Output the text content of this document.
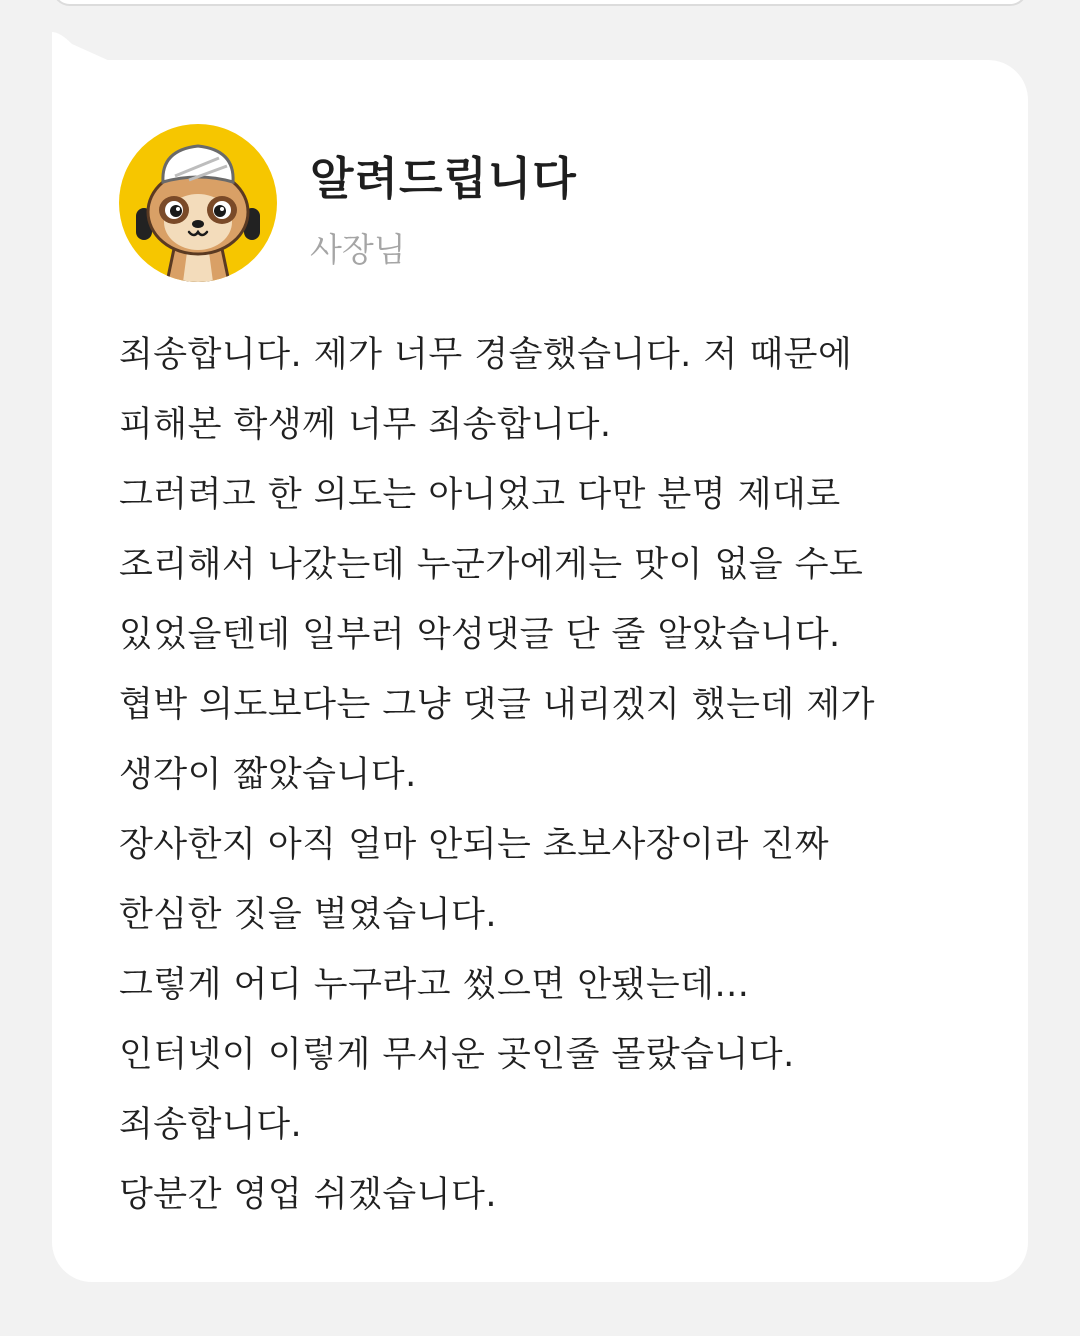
알려드립니다
사장님
죄송합니다. 제가 너무 경솔했습니다. 저 때문에
피해본 학생께 너무 죄송합니다.
그러려고 한 의도는 아니었고 다만 분명 제대로
조리해서 나갔는데 누군가에게는 맛이 없을 수도
있었을텐데 일부러 악성댓글 단 줄 알았습니다.
협박 의도보다는 그냥 댓글 내리겠지 했는데 제가
생각이 짧았습니다.
장사한지 아직 얼마 안되는 초보사장이라 진짜
한심한 짓을 벌였습니다.
그렇게 어디 누구라고 썼으면 안됐는데...
인터넷이 이렇게 무서운 곳인줄 몰랐습니다.
죄송합니다.
당분간 영업 쉬겠습니다.
